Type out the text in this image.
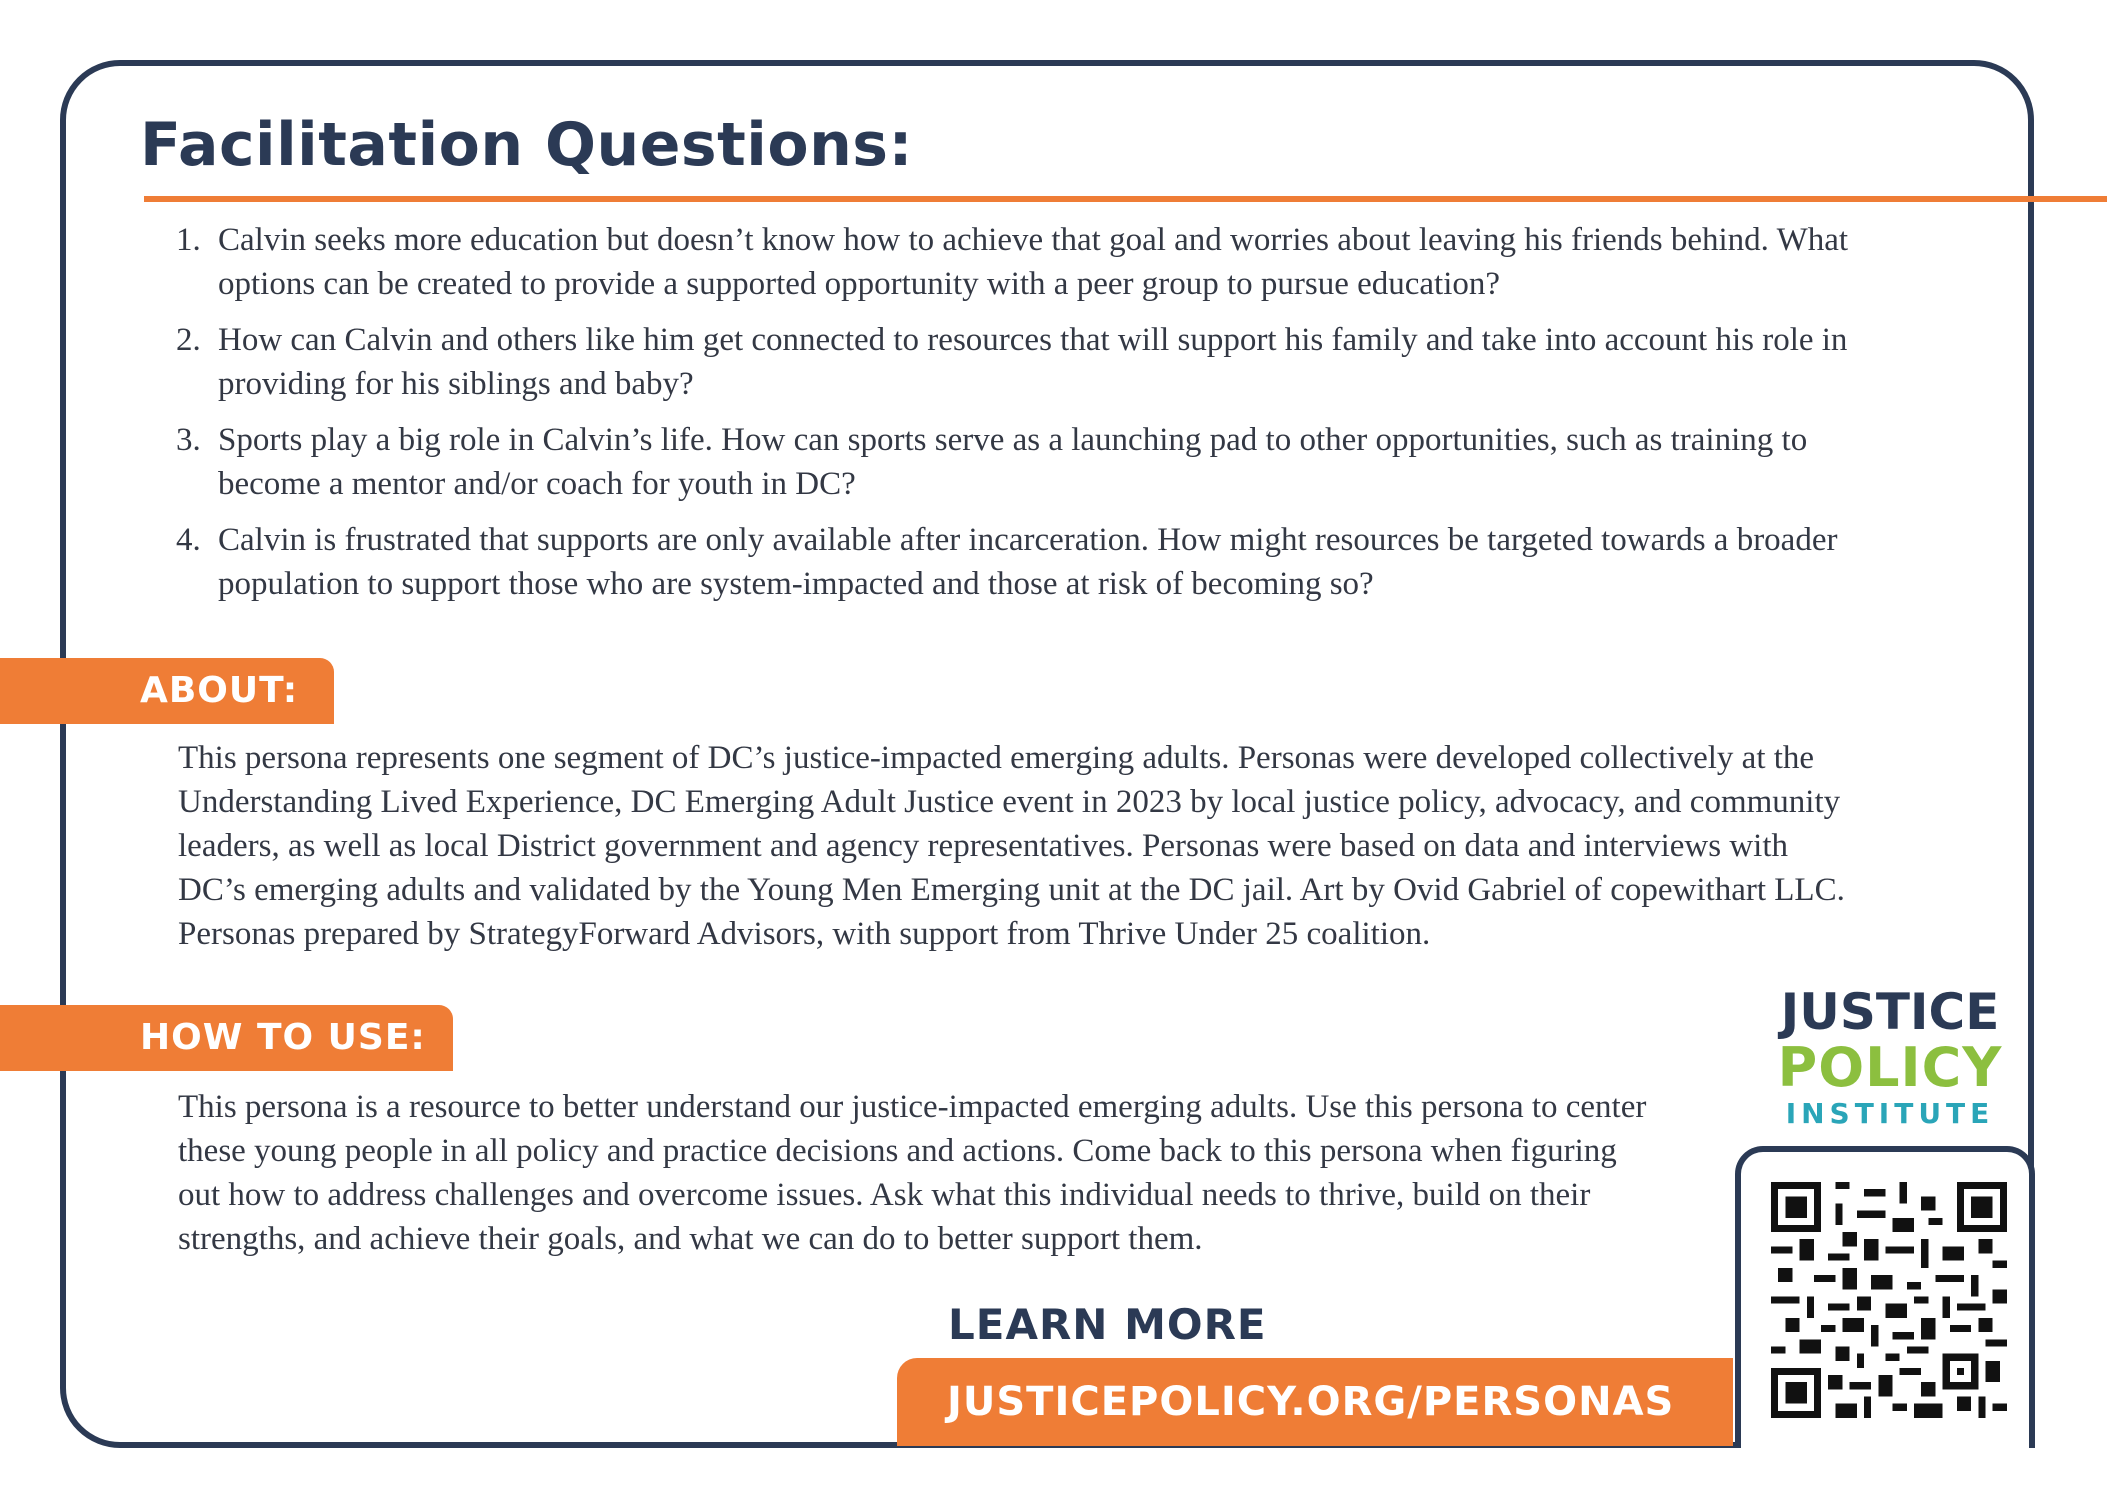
Facilitation Questions:
1. Calvin seeks more education but doesn’t know how to achieve that goal and worries about leaving his friends behind. What options can be created to provide a supported opportunity with a peer group to pursue education?
2. How can Calvin and others like him get connected to resources that will support his family and take into account his role in providing for his siblings and baby?
3. Sports play a big role in Calvin’s life. How can sports serve as a launching pad to other opportunities, such as training to become a mentor and/or coach for youth in DC?
4. Calvin is frustrated that supports are only available after incarceration. How might resources be targeted towards a broader population to support those who are system-impacted and those at risk of becoming so?
ABOUT:

This persona represents one segment of DC’s justice-impacted emerging adults. Personas were developed collectively at the Understanding Lived Experience, DC Emerging Adult Justice event in 2023 by local justice policy, advocacy, and community leaders, as well as local District government and agency representatives. Personas were based on data and interviews with DC’s emerging adults and validated by the Young Men Emerging unit at the DC jail. Art by Ovid Gabriel of copewithart LLC. Personas prepared by StrategyForward Advisors, with support from Thrive Under 25 coalition.

HOW TO USE:

This persona is a resource to better understand our justice-impacted emerging adults. Use this persona to center these young people in all policy and practice decisions and actions. Come back to this persona when figuring out how to address challenges and overcome issues. Ask what this individual needs to thrive, build on their strengths, and achieve their goals, and what we can do to better support them.

JUSTICE
POLICY
INSTITUTE
LEARN MORE
JUSTICEPOLICY.ORG/PERSONAS
